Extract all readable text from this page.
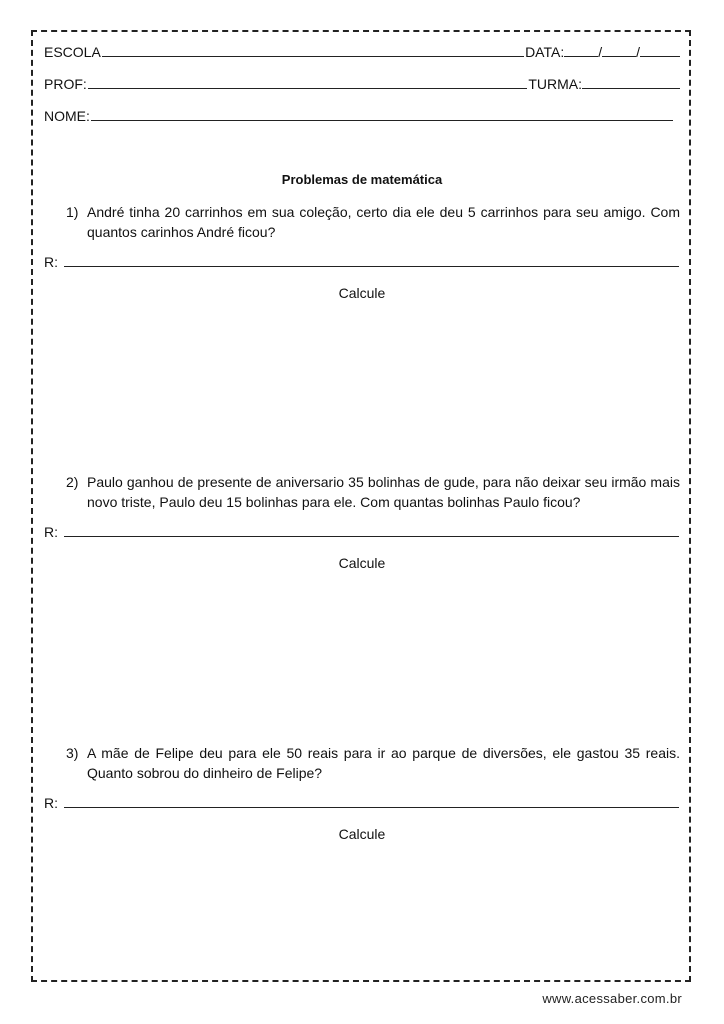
ESCOLA	DATA: / /
PROF:	TURMA:
NOME:
Problemas de matemática
1) André tinha 20 carrinhos em sua coleção, certo dia ele deu 5 carrinhos para seu amigo. Com quantos carinhos André ficou?
R:
Calcule
2) Paulo ganhou de presente de aniversario 35 bolinhas de gude, para não deixar seu irmão mais novo triste, Paulo deu 15 bolinhas para ele. Com quantas bolinhas Paulo ficou?
R:
Calcule
3) A mãe de Felipe deu para ele 50 reais para ir ao parque de diversões, ele gastou 35 reais. Quanto sobrou do dinheiro de Felipe?
R:
Calcule
www.acessaber.com.br
